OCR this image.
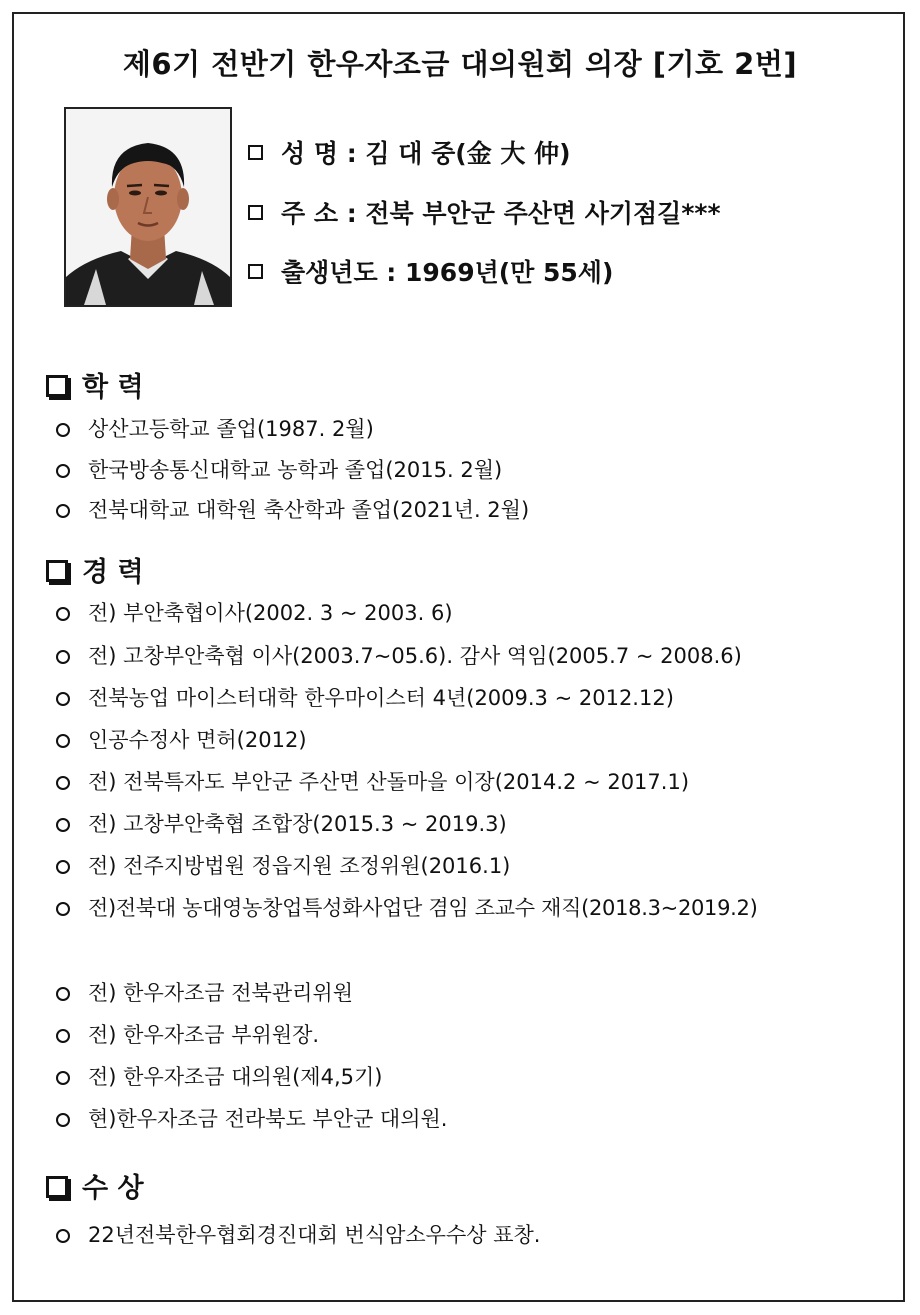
제6기 전반기 한우자조금 대의원회 의장 [기호 2번]
성 명 : 김 대 중(金 大 仲)
주 소 : 전북 부안군 주산면 사기점길***
출생년도 : 1969년(만 55세)
학 력
상산고등학교 졸업(1987. 2월)
한국방송통신대학교 농학과 졸업(2015. 2월)
전북대학교 대학원 축산학과 졸업(2021년. 2월)
경 력
전) 부안축협이사(2002. 3 ~ 2003. 6)
전) 고창부안축협 이사(2003.7~05.6). 감사 역임(2005.7 ~ 2008.6)
전북농업 마이스터대학 한우마이스터 4년(2009.3 ~ 2012.12)
인공수정사 면허(2012)
전) 전북특자도 부안군 주산면 산돌마을 이장(2014.2 ~ 2017.1)
전) 고창부안축협 조합장(2015.3 ~ 2019.3)
전) 전주지방법원 정읍지원 조정위원(2016.1)
전)전북대 농대영농창업특성화사업단 겸임 조교수 재직(2018.3~2019.2)
전) 한우자조금 전북관리위원
전) 한우자조금 부위원장.
전) 한우자조금 대의원(제4,5기)
현)한우자조금 전라북도 부안군 대의원.
수 상
22년전북한우협회경진대회 번식암소우수상 표창.
